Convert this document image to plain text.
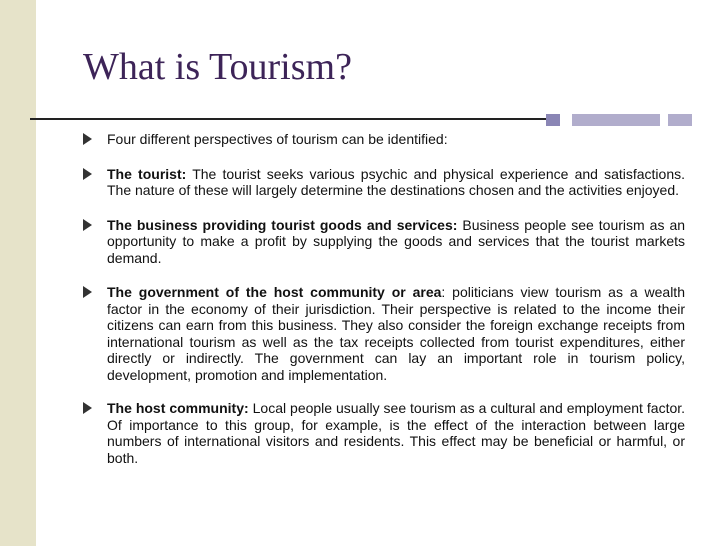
What is Tourism?
Four different perspectives of tourism can be identified:
The tourist: The tourist seeks various psychic and physical experience and satisfactions. The nature of these will largely determine the destinations chosen and the activities enjoyed.
The business providing tourist goods and services: Business people see tourism as an opportunity to make a profit by supplying the goods and services that the tourist markets demand.
The government of the host community or area: politicians view tourism as a wealth factor in the economy of their jurisdiction. Their perspective is related to the income their citizens can earn from this business. They also consider the foreign exchange receipts from international tourism as well as the tax receipts collected from tourist expenditures, either directly or indirectly. The government can lay an important role in tourism policy, development, promotion and implementation.
The host community: Local people usually see tourism as a cultural and employment factor. Of importance to this group, for example, is the effect of the interaction between large numbers of international visitors and residents. This effect may be beneficial or harmful, or both.
